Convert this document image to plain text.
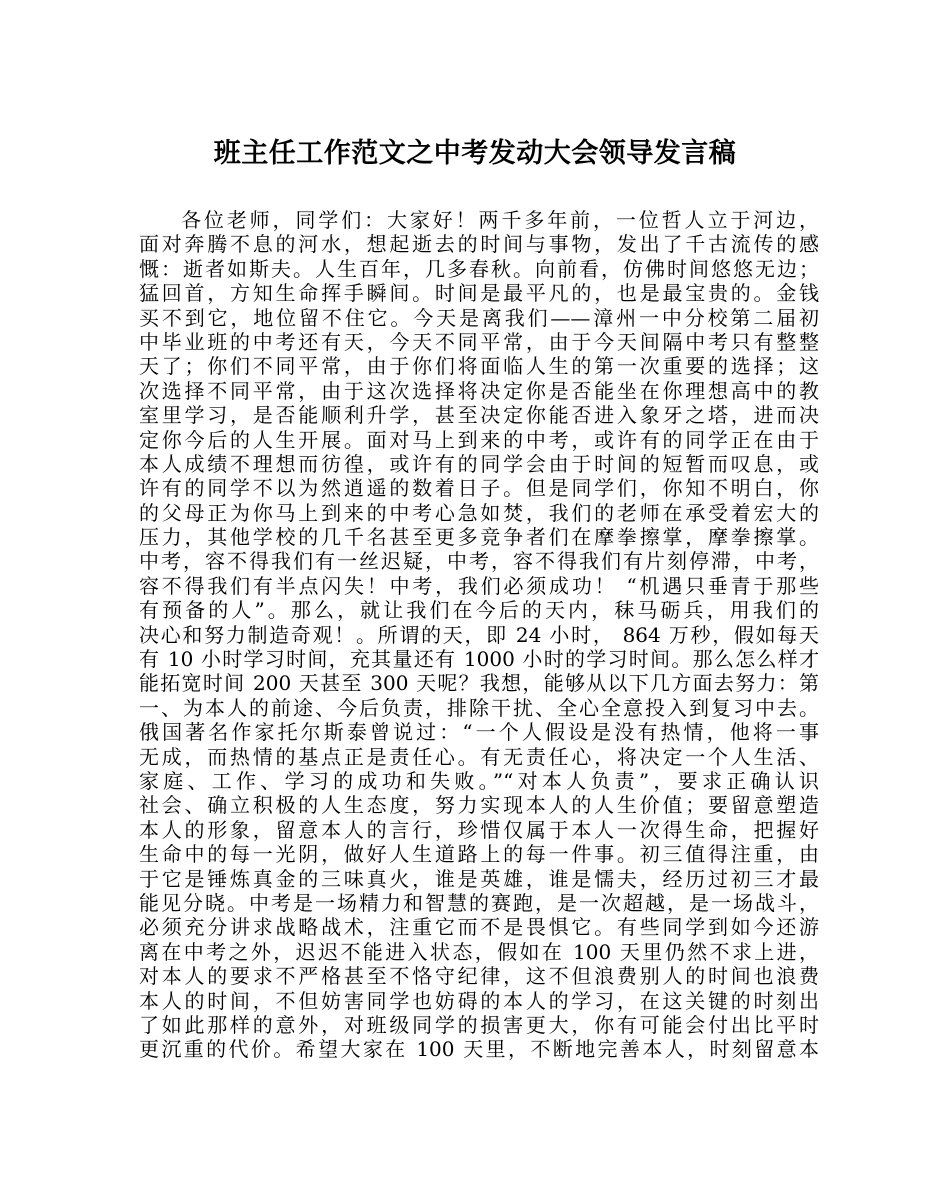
班主任工作范文之中考发动大会领导发言稿
各位老师，同学们：大家好！两千多年前，一位哲人立于河边，
面对奔腾不息的河水，想起逝去的时间与事物，发出了千古流传的感
慨：逝者如斯夫。人生百年，几多春秋。向前看，仿佛时间悠悠无边；
猛回首，方知生命挥手瞬间。时间是最平凡的，也是最宝贵的。金钱
买不到它，地位留不住它。今天是离我们——漳州一中分校第二届初
中毕业班的中考还有天，今天不同平常，由于今天间隔中考只有整整
天了；你们不同平常，由于你们将面临人生的第一次重要的选择；这
次选择不同平常，由于这次选择将决定你是否能坐在你理想高中的教
室里学习，是否能顺利升学，甚至决定你能否进入象牙之塔，进而决
定你今后的人生开展。面对马上到来的中考，或许有的同学正在由于
本人成绩不理想而彷徨，或许有的同学会由于时间的短暂而叹息，或
许有的同学不以为然逍遥的数着日子。但是同学们，你知不明白，你
的父母正为你马上到来的中考心急如焚，我们的老师在承受着宏大的
压力，其他学校的几千名甚至更多竞争者们在摩拳擦掌，摩拳擦掌。
中考，容不得我们有一丝迟疑，中考，容不得我们有片刻停滞，中考，
容不得我们有半点闪失！中考，我们必须成功！ “机遇只垂青于那些
有预备的人”。那么，就让我们在今后的天内，秣马砺兵，用我们的
决心和努力制造奇观！。所谓的天，即 24 小时， 864 万秒，假如每天
有 10 小时学习时间，充其量还有 1000 小时的学习时间。那么怎么样才
能拓宽时间 200 天甚至 300 天呢？我想，能够从以下几方面去努力：第
一、为本人的前途、今后负责，排除干扰、全心全意投入到复习中去。
俄国著名作家托尔斯泰曾说过：“一个人假设是没有热情，他将一事
无成，而热情的基点正是责任心。有无责任心，将决定一个人生活、
家庭、工作、学习的成功和失败。”“对本人负责”，要求正确认识
社会、确立积极的人生态度，努力实现本人的人生价值；要留意塑造
本人的形象，留意本人的言行，珍惜仅属于本人一次得生命，把握好
生命中的每一光阴，做好人生道路上的每一件事。初三值得注重，由
于它是锤炼真金的三味真火，谁是英雄，谁是懦夫，经历过初三才最
能见分晓。中考是一场精力和智慧的赛跑，是一次超越，是一场战斗，
必须充分讲求战略战术，注重它而不是畏惧它。有些同学到如今还游
离在中考之外，迟迟不能进入状态，假如在 100 天里仍然不求上进，
对本人的要求不严格甚至不恪守纪律，这不但浪费别人的时间也浪费
本人的时间，不但妨害同学也妨碍的本人的学习，在这关键的时刻出
了如此那样的意外，对班级同学的损害更大，你有可能会付出比平时
更沉重的代价。希望大家在 100 天里，不断地完善本人，时刻留意本
